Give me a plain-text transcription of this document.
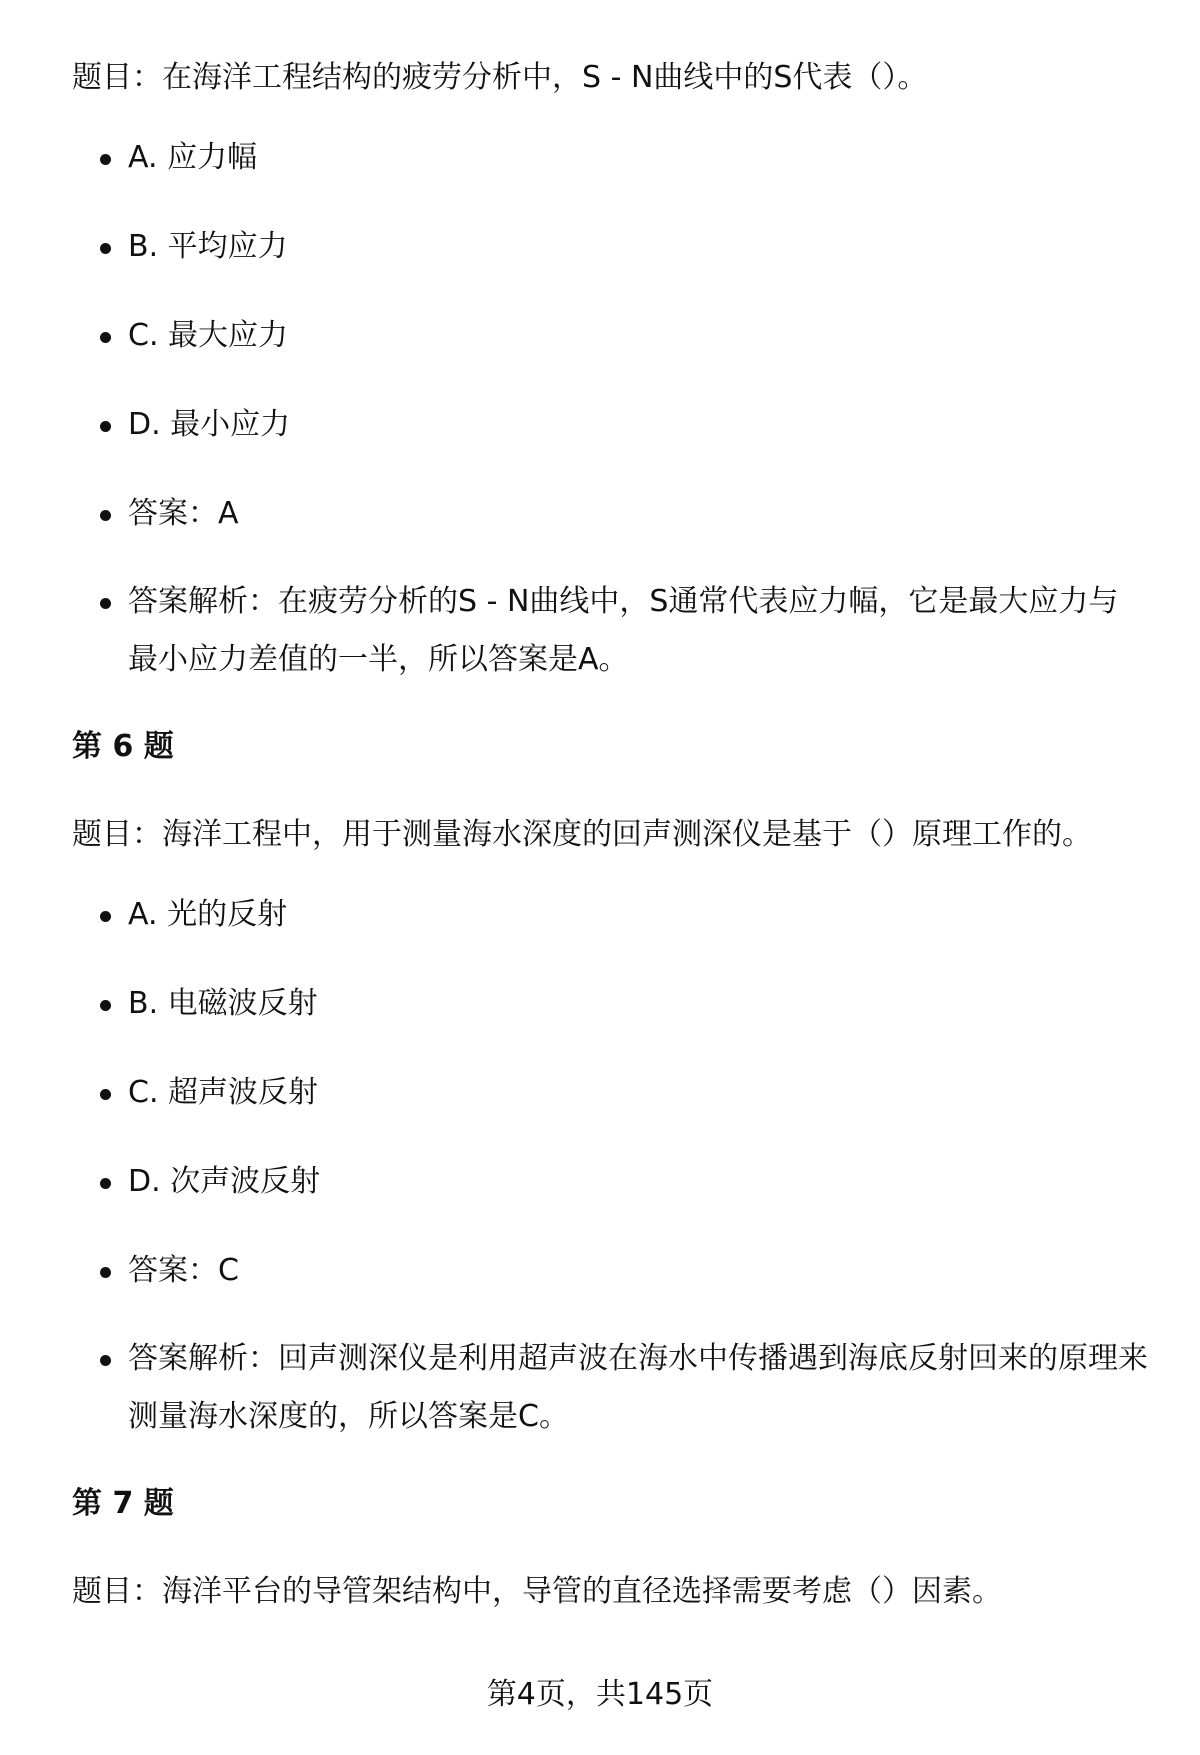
题目：在海洋工程结构的疲劳分析中，S - N曲线中的S代表（）。

A. 应力幅
B. 平均应力
C. 最大应力
D. 最小应力
答案：A
答案解析：在疲劳分析的S - N曲线中，S通常代表应力幅，它是最大应力与最小应力差值的一半，所以答案是A。

第 6 题

题目：海洋工程中，用于测量海水深度的回声测深仪是基于（）原理工作的。

A. 光的反射
B. 电磁波反射
C. 超声波反射
D. 次声波反射
答案：C
答案解析：回声测深仪是利用超声波在海水中传播遇到海底反射回来的原理来测量海水深度的，所以答案是C。

第 7 题

题目：海洋平台的导管架结构中，导管的直径选择需要考虑（）因素。

第4页，共145页
